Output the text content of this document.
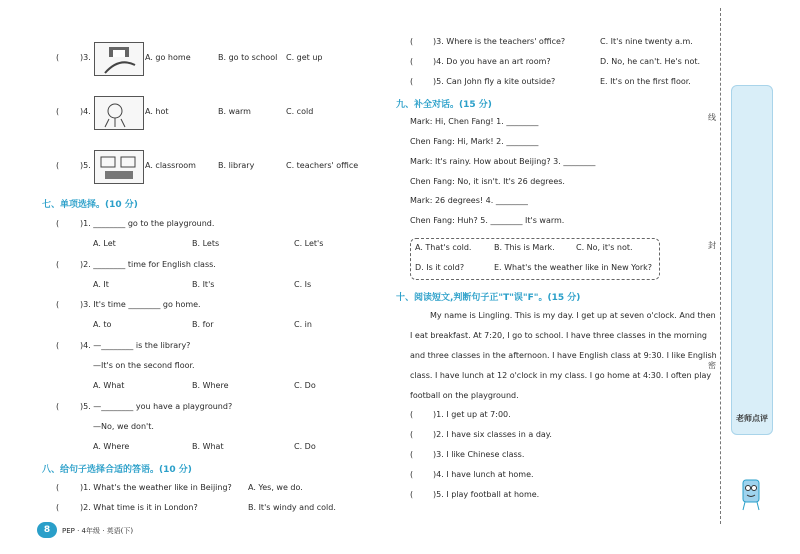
(	)3.	A. go home	B. go to school C. get up
(	)4.	A. hot	B. warm	C. cold
(	)5.	A. classroom	B. library	C. teachers' office
七、单项选择。(10 分)
(	)1. ________ go to the playground.
A. Let	B. Lets	C. Let's
(	)2. ________ time for English class.
A. It	B. It's	C. Is
(	)3. It's time ________ go home.
A. to	B. for	C. in
(	)4. —________ is the library?
—It's on the second floor.
A. What	B. Where	C. Do
(	)5. —________ you have a playground?
—No, we don't.
A. Where	B. What	C. Do
八、给句子选择合适的答语。(10 分)
(	)1. What's the weather like in Beijing? A. Yes, we do.
(	)2. What time is it in London?	B. It's windy and cold.
8	PEP · 4年级 · 英语(下)
( )3. Where is the teachers' office?	C. It's nine twenty a.m.
( )4. Do you have an art room?	D. No, he can't. He's not.
( )5. Can John fly a kite outside?	E. It's on the first floor.
九、补全对话。(15 分)
Mark: Hi, Chen Fang! 1. ________
Chen Fang: Hi, Mark! 2. ________
Mark: It's rainy. How about Beijing? 3. ________
Chen Fang: No, it isn't. It's 26 degrees.
Mark: 26 degrees! 4. ________
Chen Fang: Huh? 5. ________ It's warm.
A. That's cold.	B. This is Mark.	C. No, it's not.
D. Is it cold?	E. What's the weather like in New York?
十、阅读短文,判断句子正"T"误"F"。(15 分)
My name is Lingling. This is my day. I get up at seven o'clock. And then
I eat breakfast. At 7:20, I go to school. I have three classes in the morning
and three classes in the afternoon. I have English class at 9:30. I like English
class. I have lunch at 12 o'clock in my class. I go home at 4:30. I often play
football on the playground.
( )1. I get up at 7:00.
( )2. I have six classes in a day.
( )3. I like Chinese class.
( )4. I have lunch at home.
( )5. I play football at home.
线
封
密
老师点评
